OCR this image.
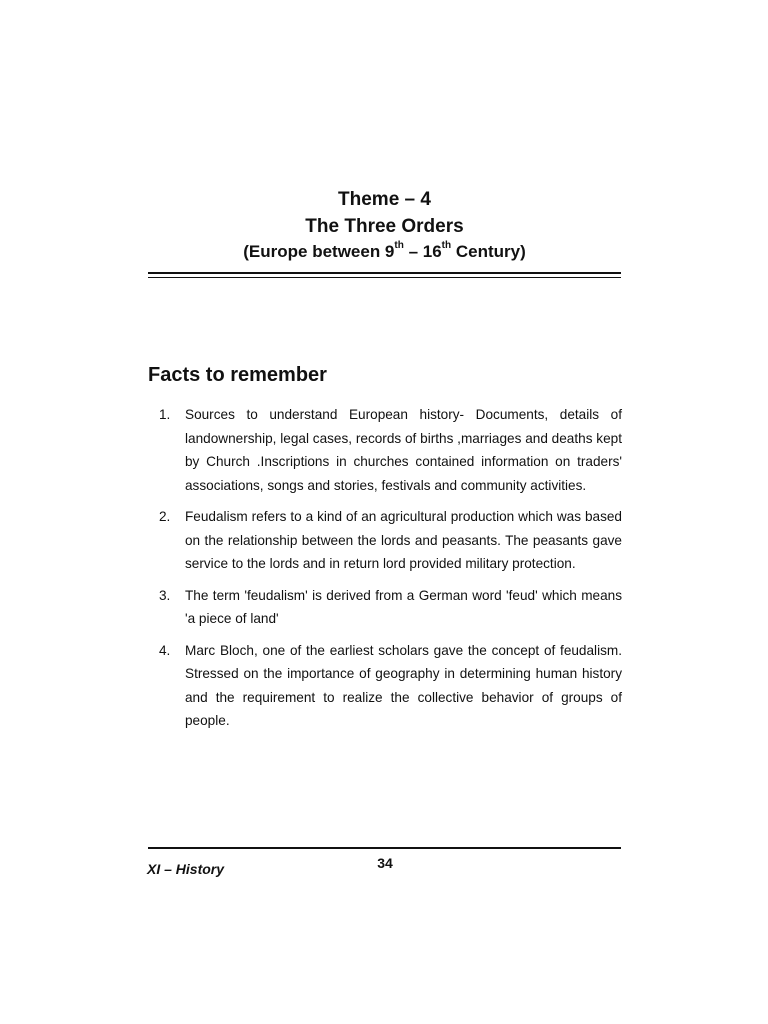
Theme – 4

The Three Orders

(Europe between 9th – 16th Century)

Facts to remember
1.	Sources to understand European history- Documents, details of landownership, legal cases, records of births ,marriages and deaths kept by Church .Inscriptions in churches contained information on traders' associations, songs and stories, festivals and community activities.
2.	Feudalism refers to a kind of an agricultural production which was based on the relationship between the lords and peasants. The peasants gave service to the lords and in return lord provided military protection.
3.	The term 'feudalism' is derived from a German word 'feud' which means 'a piece of land'
4.	Marc Bloch, one of the earliest scholars gave the concept of feudalism. Stressed on the importance of geography in determining human history and the requirement to realize the collective behavior of groups of people.
XI – History	34
